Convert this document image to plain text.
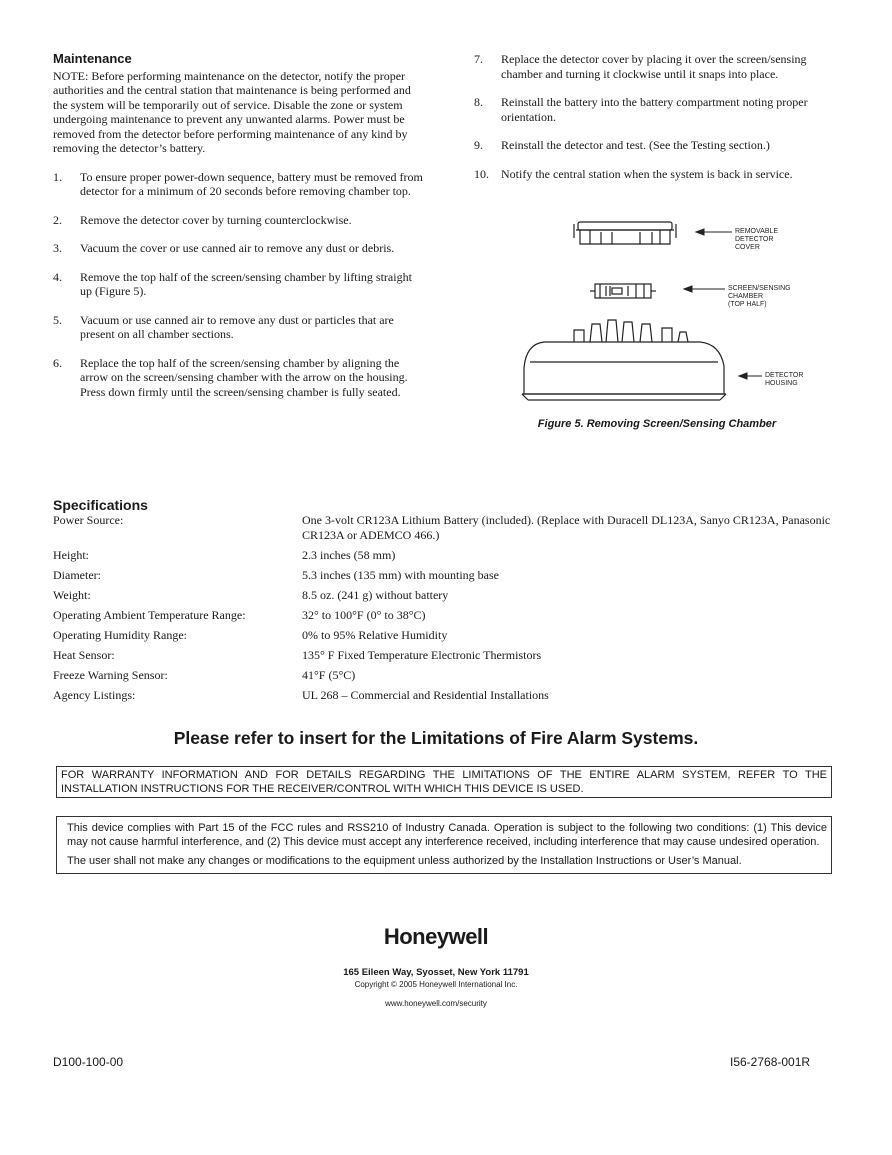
Maintenance

NOTE: Before performing maintenance on the detector, notify the proper authorities and the central station that maintenance is being performed and the system will be temporarily out of service. Disable the zone or system undergoing maintenance to prevent any unwanted alarms. Power must be removed from the detector before performing maintenance of any kind by removing the detector’s battery.

1. To ensure proper power-down sequence, battery must be removed from detector for a minimum of 20 seconds before removing chamber top.
2. Remove the detector cover by turning counterclockwise.
3. Vacuum the cover or use canned air to remove any dust or debris.
4. Remove the top half of the screen/sensing chamber by lifting straight up (Figure 5).
5. Vacuum or use canned air to remove any dust or particles that are present on all chamber sections.
6. Replace the top half of the screen/sensing chamber by aligning the arrow on the screen/sensing chamber with the arrow on the housing. Press down firmly until the screen/sensing chamber is fully seated.
7. Replace the detector cover by placing it over the screen/sensing chamber and turning it clockwise until it snaps into place.
8. Reinstall the battery into the battery compartment noting proper orientation.
9. Reinstall the detector and test. (See the Testing section.)
10. Notify the central station when the system is back in service.
REMOVABLE
DETECTOR
COVER
SCREEN/SENSING
CHAMBER
(TOP HALF)
DETECTOR
HOUSING
Figure 5. Removing Screen/Sensing Chamber
Specifications
Power Source:	One 3-volt CR123A Lithium Battery (included). (Replace with Duracell DL123A, Sanyo CR123A, Panasonic CR123A or ADEMCO 466.)
Height:	2.3 inches (58 mm)
Diameter:	5.3 inches (135 mm) with mounting base
Weight:	8.5 oz. (241 g) without battery
Operating Ambient Temperature Range:	32° to 100°F (0° to 38°C)
Operating Humidity Range:	0% to 95% Relative Humidity
Heat Sensor:	135° F Fixed Temperature Electronic Thermistors
Freeze Warning Sensor:	41°F (5°C)
Agency Listings:	UL 268 – Commercial and Residential Installations
Please refer to insert for the Limitations of Fire Alarm Systems.
FOR WARRANTY INFORMATION AND FOR DETAILS REGARDING THE LIMITATIONS OF THE ENTIRE ALARM SYSTEM, REFER TO THE INSTALLATION INSTRUCTIONS FOR THE RECEIVER/CONTROL WITH WHICH THIS DEVICE IS USED.

This device complies with Part 15 of the FCC rules and RSS210 of Industry Canada. Operation is subject to the following two conditions: (1) This device may not cause harmful interference, and (2) This device must accept any interference received, including interference that may cause undesired operation.

The user shall not make any changes or modifications to the equipment unless authorized by the Installation Instructions or User’s Manual.

Honeywell
165 Eileen Way, Syosset, New York 11791
Copyright © 2005 Honeywell International Inc.
www.honeywell.com/security
D100-100-00	I56-2768-001R
